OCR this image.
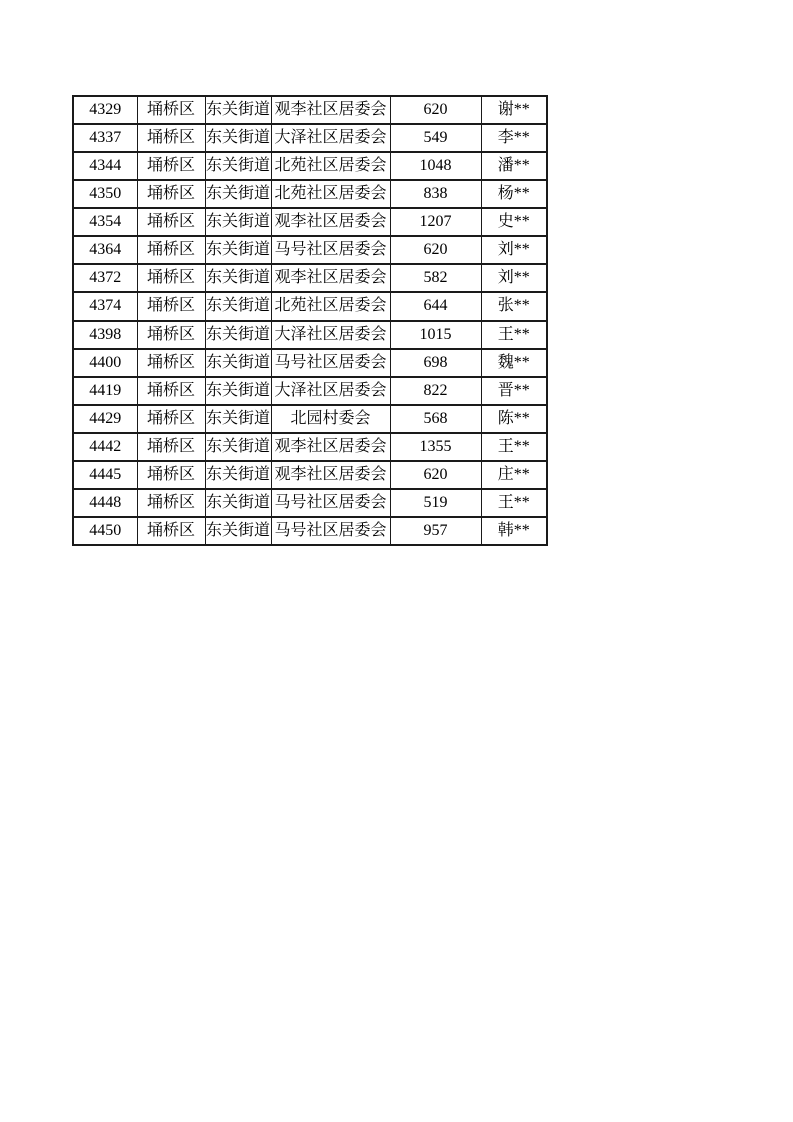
4329	埇桥区	东关街道	观李社区居委会	620	谢**
4337	埇桥区	东关街道	大泽社区居委会	549	李**
4344	埇桥区	东关街道	北苑社区居委会	1048	潘**
4350	埇桥区	东关街道	北苑社区居委会	838	杨**
4354	埇桥区	东关街道	观李社区居委会	1207	史**
4364	埇桥区	东关街道	马号社区居委会	620	刘**
4372	埇桥区	东关街道	观李社区居委会	582	刘**
4374	埇桥区	东关街道	北苑社区居委会	644	张**
4398	埇桥区	东关街道	大泽社区居委会	1015	王**
4400	埇桥区	东关街道	马号社区居委会	698	魏**
4419	埇桥区	东关街道	大泽社区居委会	822	晋**
4429	埇桥区	东关街道	北园村委会	568	陈**
4442	埇桥区	东关街道	观李社区居委会	1355	王**
4445	埇桥区	东关街道	观李社区居委会	620	庄**
4448	埇桥区	东关街道	马号社区居委会	519	王**
4450	埇桥区	东关街道	马号社区居委会	957	韩**
